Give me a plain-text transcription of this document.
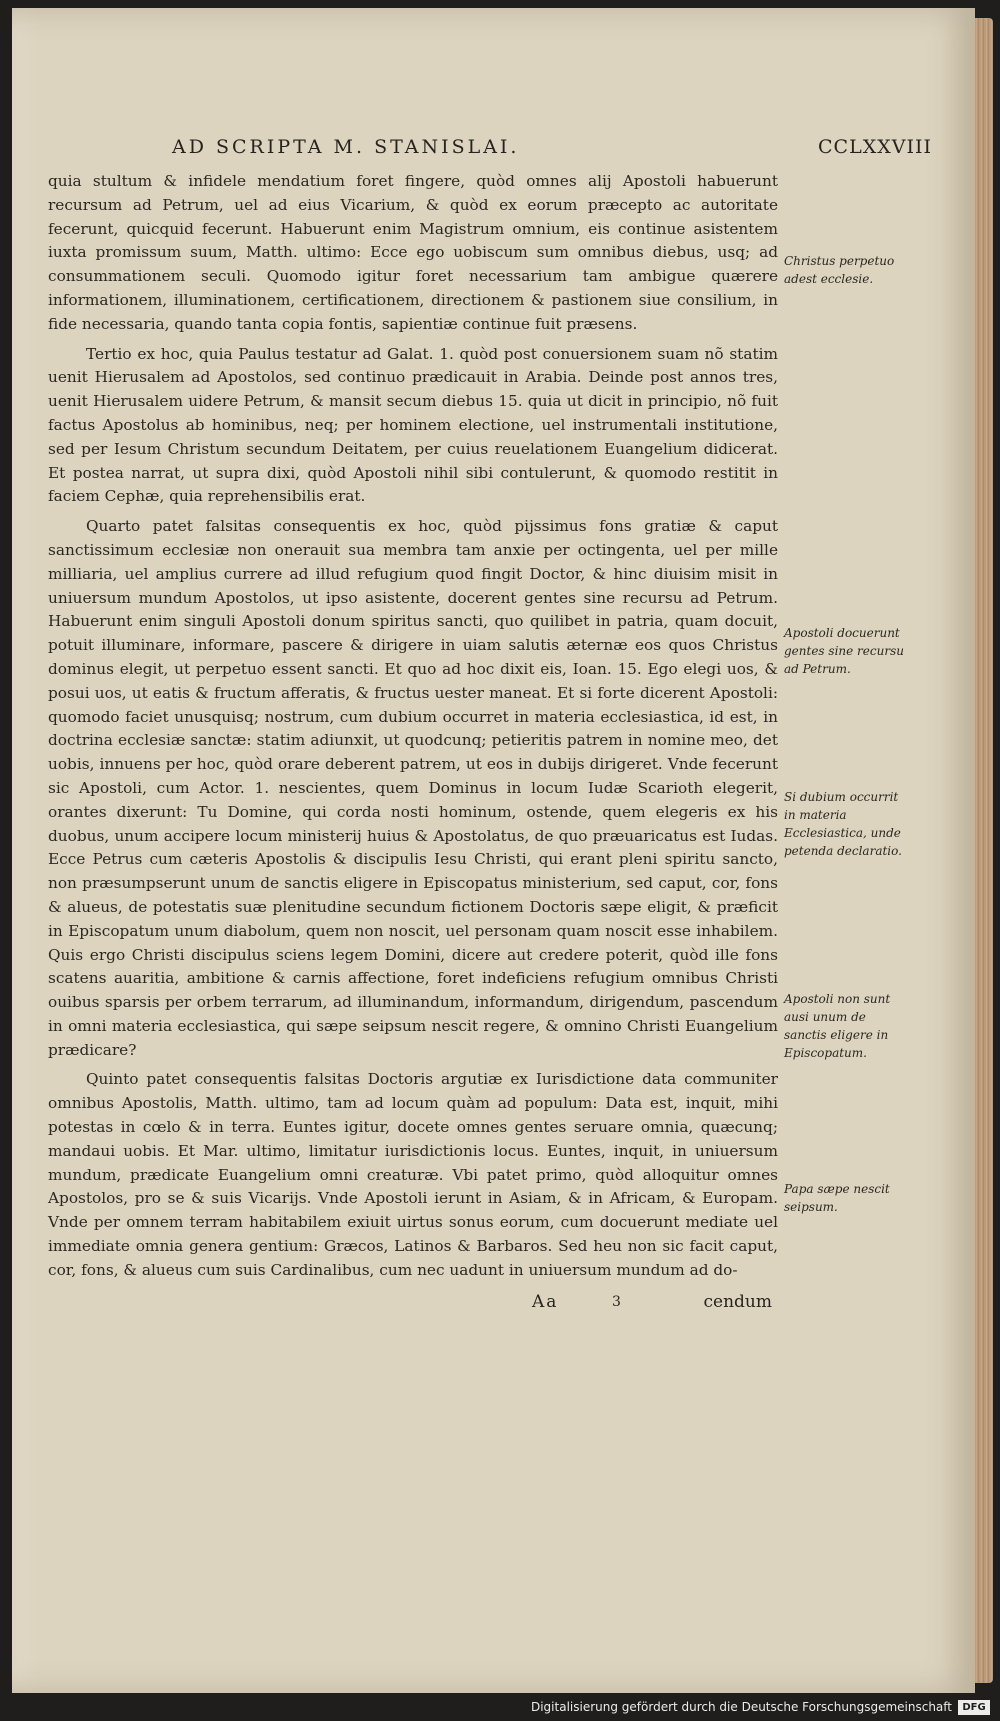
AD SCRIPTA M. STANISLAI.	CCLXXVIII

quia stultum & infidele mendatium foret fingere, quòd omnes alij Apostoli habuerunt recursum ad Petrum, uel ad eius Vicarium, & quòd ex eorum præcepto ac autoritate fecerunt, quicquid fecerunt. Habuerunt enim Magistrum omnium, eis continue asistentem iuxta promissum suum, Matth. ultimo: Ecce ego uobiscum sum omnibus diebus, usq; ad consummationem seculi. Quomodo igitur foret necessarium tam ambigue quærere informationem, illuminationem, certificationem, directionem & pastionem siue consilium, in fide necessaria, quando tanta copia fontis, sapientiæ continue fuit præsens.

Tertio ex hoc, quia Paulus testatur ad Galat. 1. quòd post conuersionem suam nõ statim uenit Hierusalem ad Apostolos, sed continuo prædicauit in Arabia. Deinde post annos tres, uenit Hierusalem uidere Petrum, & mansit secum diebus 15. quia ut dicit in principio, nõ fuit factus Apostolus ab hominibus, neq; per hominem electione, uel instrumentali institutione, sed per Iesum Christum secundum Deitatem, per cuius reuelationem Euangelium didicerat. Et postea narrat, ut supra dixi, quòd Apostoli nihil sibi contulerunt, & quomodo restitit in faciem Cephæ, quia reprehensibilis erat.

Quarto patet falsitas consequentis ex hoc, quòd pijssimus fons gratiæ & caput sanctissimum ecclesiæ non onerauit sua membra tam anxie per octingenta, uel per mille milliaria, uel amplius currere ad illud refugium quod fingit Doctor, & hinc diuisim misit in uniuersum mundum Apostolos, ut ipso asistente, docerent gentes sine recursu ad Petrum. Habuerunt enim singuli Apostoli donum spiritus sancti, quo quilibet in patria, quam docuit, potuit illuminare, informare, pascere & dirigere in uiam salutis æternæ eos quos Christus dominus elegit, ut perpetuo essent sancti. Et quo ad hoc dixit eis, Ioan. 15. Ego elegi uos, & posui uos, ut eatis & fructum afferatis, & fructus uester maneat. Et si forte dicerent Apostoli: quomodo faciet unusquisq; nostrum, cum dubium occurret in materia ecclesiastica, id est, in doctrina ecclesiæ sanctæ: statim adiunxit, ut quodcunq; petieritis patrem in nomine meo, det uobis, innuens per hoc, quòd orare deberent patrem, ut eos in dubijs dirigeret. Vnde fecerunt sic Apostoli, cum Actor. 1. nescientes, quem Dominus in locum Iudæ Scarioth elegerit, orantes dixerunt: Tu Domine, qui corda nosti hominum, ostende, quem elegeris ex his duobus, unum accipere locum ministerij huius & Apostolatus, de quo præuaricatus est Iudas. Ecce Petrus cum cæteris Apostolis & discipulis Iesu Christi, qui erant pleni spiritu sancto, non præsumpserunt unum de sanctis eligere in Episcopatus ministerium, sed caput, cor, fons & alueus, de potestatis suæ plenitudine secundum fictionem Doctoris sæpe eligit, & præficit in Episcopatum unum diabolum, quem non noscit, uel personam quam noscit esse inhabilem. Quis ergo Christi discipulus sciens legem Domini, dicere aut credere poterit, quòd ille fons scatens auaritia, ambitione & carnis affectione, foret indeficiens refugium omnibus Christi ouibus sparsis per orbem terrarum, ad illuminandum, informandum, dirigendum, pascendum in omni materia ecclesiastica, qui sæpe seipsum nescit regere, & omnino Christi Euangelium prædicare?

Quinto patet consequentis falsitas Doctoris argutiæ ex Iurisdictione data communiter omnibus Apostolis, Matth. ultimo, tam ad locum quàm ad populum: Data est, inquit, mihi potestas in cœlo & in terra. Euntes igitur, docete omnes gentes seruare omnia, quæcunq; mandaui uobis. Et Mar. ultimo, limitatur iurisdictionis locus. Euntes, inquit, in uniuersum mundum, prædicate Euangelium omni creaturæ. Vbi patet primo, quòd alloquitur omnes Apostolos, pro se & suis Vicarijs. Vnde Apostoli ierunt in Asiam, & in Africam, & Europam. Vnde per omnem terram habitabilem exiuit uirtus sonus eorum, cum docuerunt mediate uel immediate omnia genera gentium: Græcos, Latinos & Barbaros. Sed heu non sic facit caput, cor, fons, & alueus cum suis Cardinalibus, cum nec uadunt in uniuersum mundum ad do-

Christus perpetuo adest ecclesie.
Apostoli docuerunt gentes sine recursu ad Petrum.
Si dubium occurrit in materia Ecclesiastica, unde petenda declaratio.
Apostoli non sunt ausi unum de sanctis eligere in Episcopatum.
Papa sæpe nescit seipsum.
Aa	3	cendum
Digitalisierung gefördert durch die Deutsche Forschungsgemeinschaft	DFG
